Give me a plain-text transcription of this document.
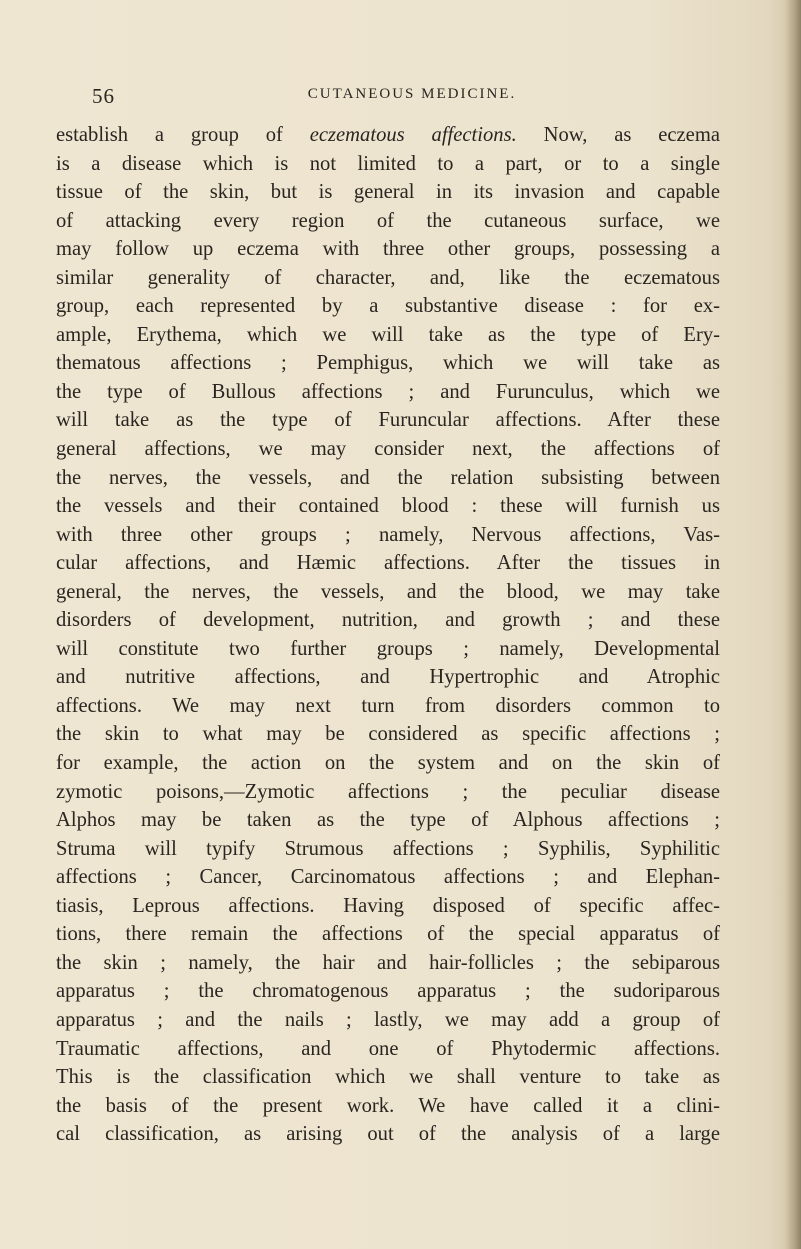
56	CUTANEOUS MEDICINE.
establish a group of eczematous affections. Now, as eczema
is a disease which is not limited to a part, or to a single
tissue of the skin, but is general in its invasion and capable
of attacking every region of the cutaneous surface, we
may follow up eczema with three other groups, possessing a
similar generality of character, and, like the eczematous
group, each represented by a substantive disease : for ex-
ample, Erythema, which we will take as the type of Ery-
thematous affections ; Pemphigus, which we will take as
the type of Bullous affections ; and Furunculus, which we
will take as the type of Furuncular affections. After these
general affections, we may consider next, the affections of
the nerves, the vessels, and the relation subsisting between
the vessels and their contained blood : these will furnish us
with three other groups ; namely, Nervous affections, Vas-
cular affections, and Hæmic affections. After the tissues in
general, the nerves, the vessels, and the blood, we may take
disorders of development, nutrition, and growth ; and these
will constitute two further groups ; namely, Developmental
and nutritive affections, and Hypertrophic and Atrophic
affections. We may next turn from disorders common to
the skin to what may be considered as specific affections ;
for example, the action on the system and on the skin of
zymotic poisons,—Zymotic affections ; the peculiar disease
Alphos may be taken as the type of Alphous affections ;
Struma will typify Strumous affections ; Syphilis, Syphilitic
affections ; Cancer, Carcinomatous affections ; and Elephan-
tiasis, Leprous affections. Having disposed of specific affec-
tions, there remain the affections of the special apparatus of
the skin ; namely, the hair and hair-follicles ; the sebiparous
apparatus ; the chromatogenous apparatus ; the sudoriparous
apparatus ; and the nails ; lastly, we may add a group of
Traumatic affections, and one of Phytodermic affections.
This is the classification which we shall venture to take as
the basis of the present work. We have called it a clini-
cal classification, as arising out of the analysis of a large
